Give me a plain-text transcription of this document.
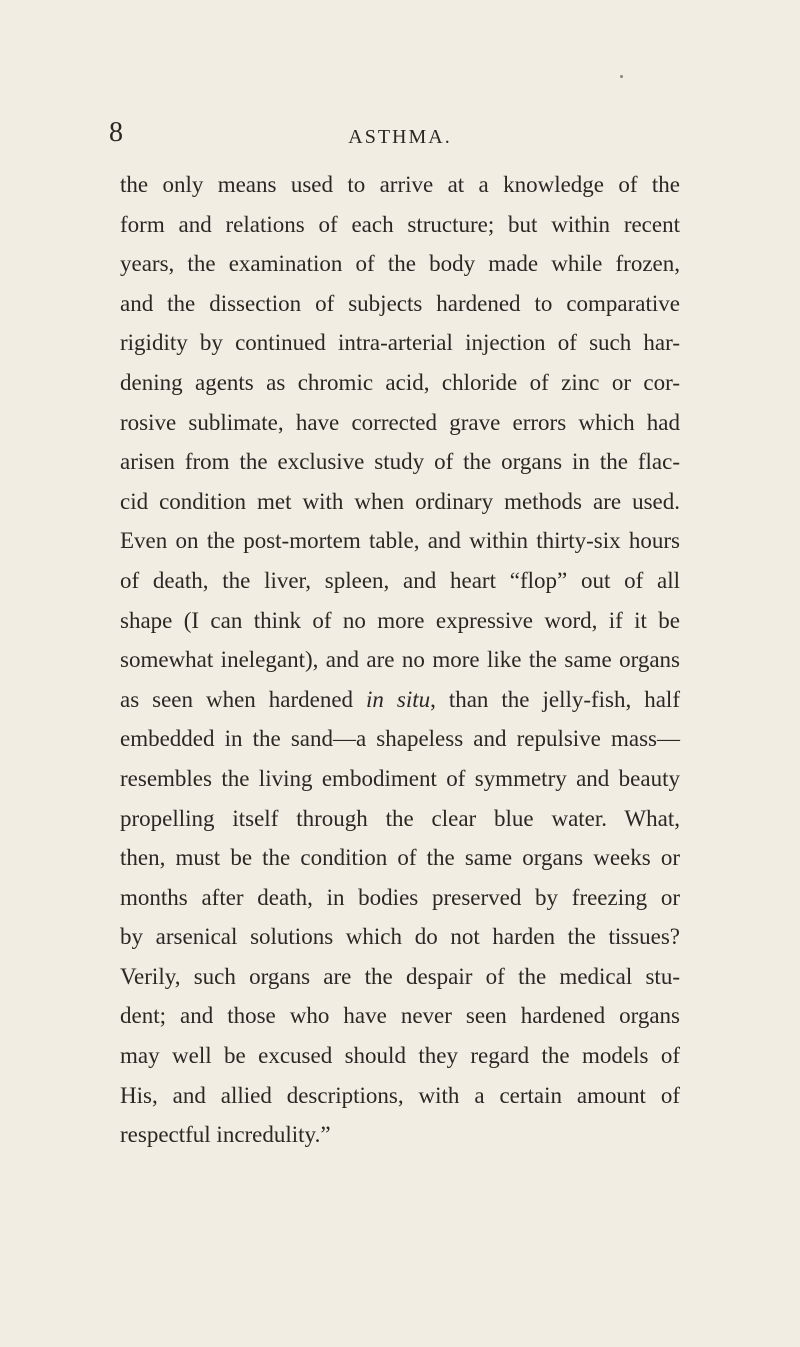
8	ASTHMA.
the only means used to arrive at a knowledge of the
form and relations of each structure; but within recent
years, the examination of the body made while frozen,
and the dissection of subjects hardened to comparative
rigidity by continued intra-arterial injection of such har-
dening agents as chromic acid, chloride of zinc or cor-
rosive sublimate, have corrected grave errors which had
arisen from the exclusive study of the organs in the flac-
cid condition met with when ordinary methods are used.
Even on the post-mortem table, and within thirty-six hours
of death, the liver, spleen, and heart “flop” out of all
shape (I can think of no more expressive word, if it be
somewhat inelegant), and are no more like the same organs
as seen when hardened in situ, than the jelly-fish, half
embedded in the sand—a shapeless and repulsive mass—
resembles the living embodiment of symmetry and beauty
propelling itself through the clear blue water. What,
then, must be the condition of the same organs weeks or
months after death, in bodies preserved by freezing or
by arsenical solutions which do not harden the tissues?
Verily, such organs are the despair of the medical stu-
dent; and those who have never seen hardened organs
may well be excused should they regard the models of
His, and allied descriptions, with a certain amount of
respectful incredulity.”
